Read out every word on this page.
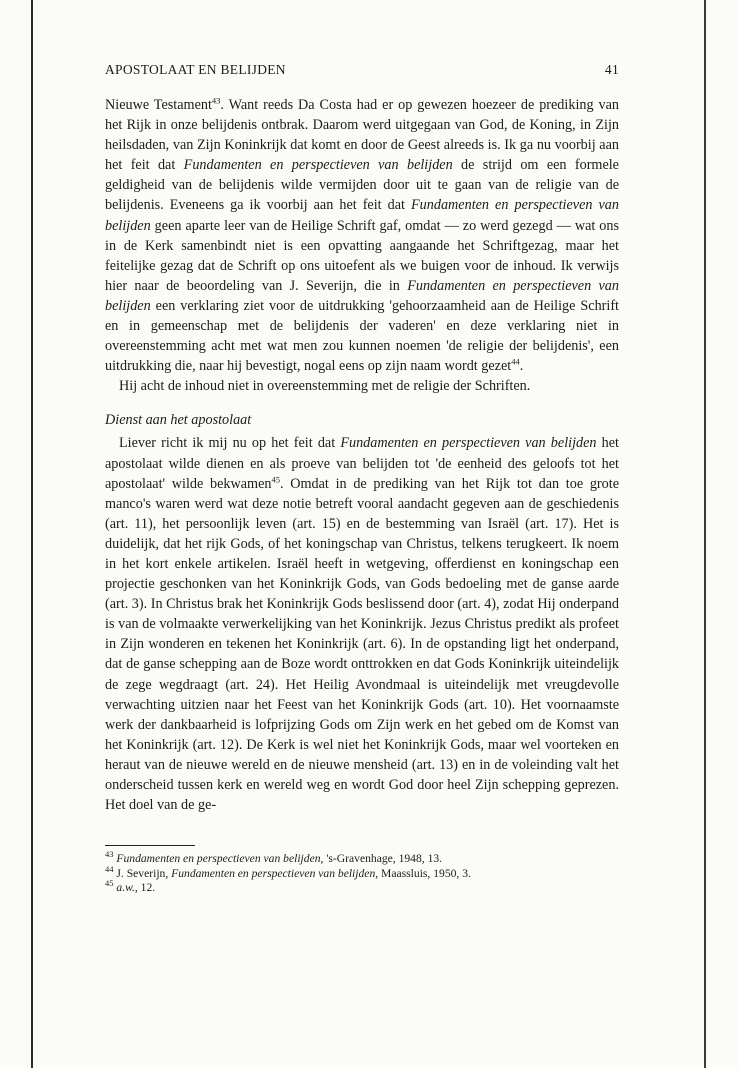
APOSTOLAAT EN BELIJDEN	41

Nieuwe Testament$^{43}$. Want reeds Da Costa had er op gewezen hoezeer de prediking van het Rijk in onze belijdenis ontbrak. Daarom werd uitgegaan van God, de Koning, in Zijn heilsdaden, van Zijn Koninkrijk dat komt en door de Geest alreeds is. Ik ga nu voorbij aan het feit dat Fundamenten en perspectieven van belijden de strijd om een formele geldigheid van de belijdenis wilde vermijden door uit te gaan van de religie van de belijdenis. Eveneens ga ik voorbij aan het feit dat Fundamenten en perspectieven van belijden geen aparte leer van de Heilige Schrift gaf, omdat — zo werd gezegd — wat ons in de Kerk samenbindt niet is een opvatting aangaande het Schriftgezag, maar het feitelijke gezag dat de Schrift op ons uitoefent als we buigen voor de inhoud. Ik verwijs hier naar de beoordeling van J. Severijn, die in Fundamenten en perspectieven van belijden een verklaring ziet voor de uitdrukking 'gehoorzaamheid aan de Heilige Schrift en in gemeenschap met de belijdenis der vaderen' en deze verklaring niet in overeenstemming acht met wat men zou kunnen noemen 'de religie der belijdenis', een uitdrukking die, naar hij bevestigt, nogal eens op zijn naam wordt gezet$^{44}$.

Hij acht de inhoud niet in overeenstemming met de religie der Schriften.

Dienst aan het apostolaat

Liever richt ik mij nu op het feit dat Fundamenten en perspectieven van belijden het apostolaat wilde dienen en als proeve van belijden tot 'de eenheid des geloofs tot het apostolaat' wilde bekwamen$^{45}$. Omdat in de prediking van het Rijk tot dan toe grote manco's waren werd wat deze notie betreft vooral aandacht gegeven aan de geschiedenis (art. 11), het persoonlijk leven (art. 15) en de bestemming van Israël (art. 17). Het is duidelijk, dat het rijk Gods, of het koningschap van Christus, telkens terugkeert. Ik noem in het kort enkele artikelen. Israël heeft in wetgeving, offerdienst en koningschap een projectie geschonken van het Koninkrijk Gods, van Gods bedoeling met de ganse aarde (art. 3). In Christus brak het Koninkrijk Gods beslissend door (art. 4), zodat Hij onderpand is van de volmaakte verwerkelijking van het Koninkrijk. Jezus Christus predikt als profeet in Zijn wonderen en tekenen het Koninkrijk (art. 6). In de opstanding ligt het onderpand, dat de ganse schepping aan de Boze wordt onttrokken en dat Gods Koninkrijk uiteindelijk de zege wegdraagt (art. 24). Het Heilig Avondmaal is uiteindelijk met vreugdevolle verwachting uitzien naar het Feest van het Koninkrijk Gods (art. 10). Het voornaamste werk der dankbaarheid is lofprijzing Gods om Zijn werk en het gebed om de Komst van het Koninkrijk (art. 12). De Kerk is wel niet het Koninkrijk Gods, maar wel voorteken en heraut van de nieuwe wereld en de nieuwe mensheid (art. 13) en in de voleinding valt het onderscheid tussen kerk en wereld weg en wordt God door heel Zijn schepping geprezen. Het doel van de ge-

$^{43}$ Fundamenten en perspectieven van belijden, 's-Gravenhage, 1948, 13.

$^{44}$ J. Severijn, Fundamenten en perspectieven van belijden, Maassluis, 1950, 3.

$^{45}$ a.w., 12.
